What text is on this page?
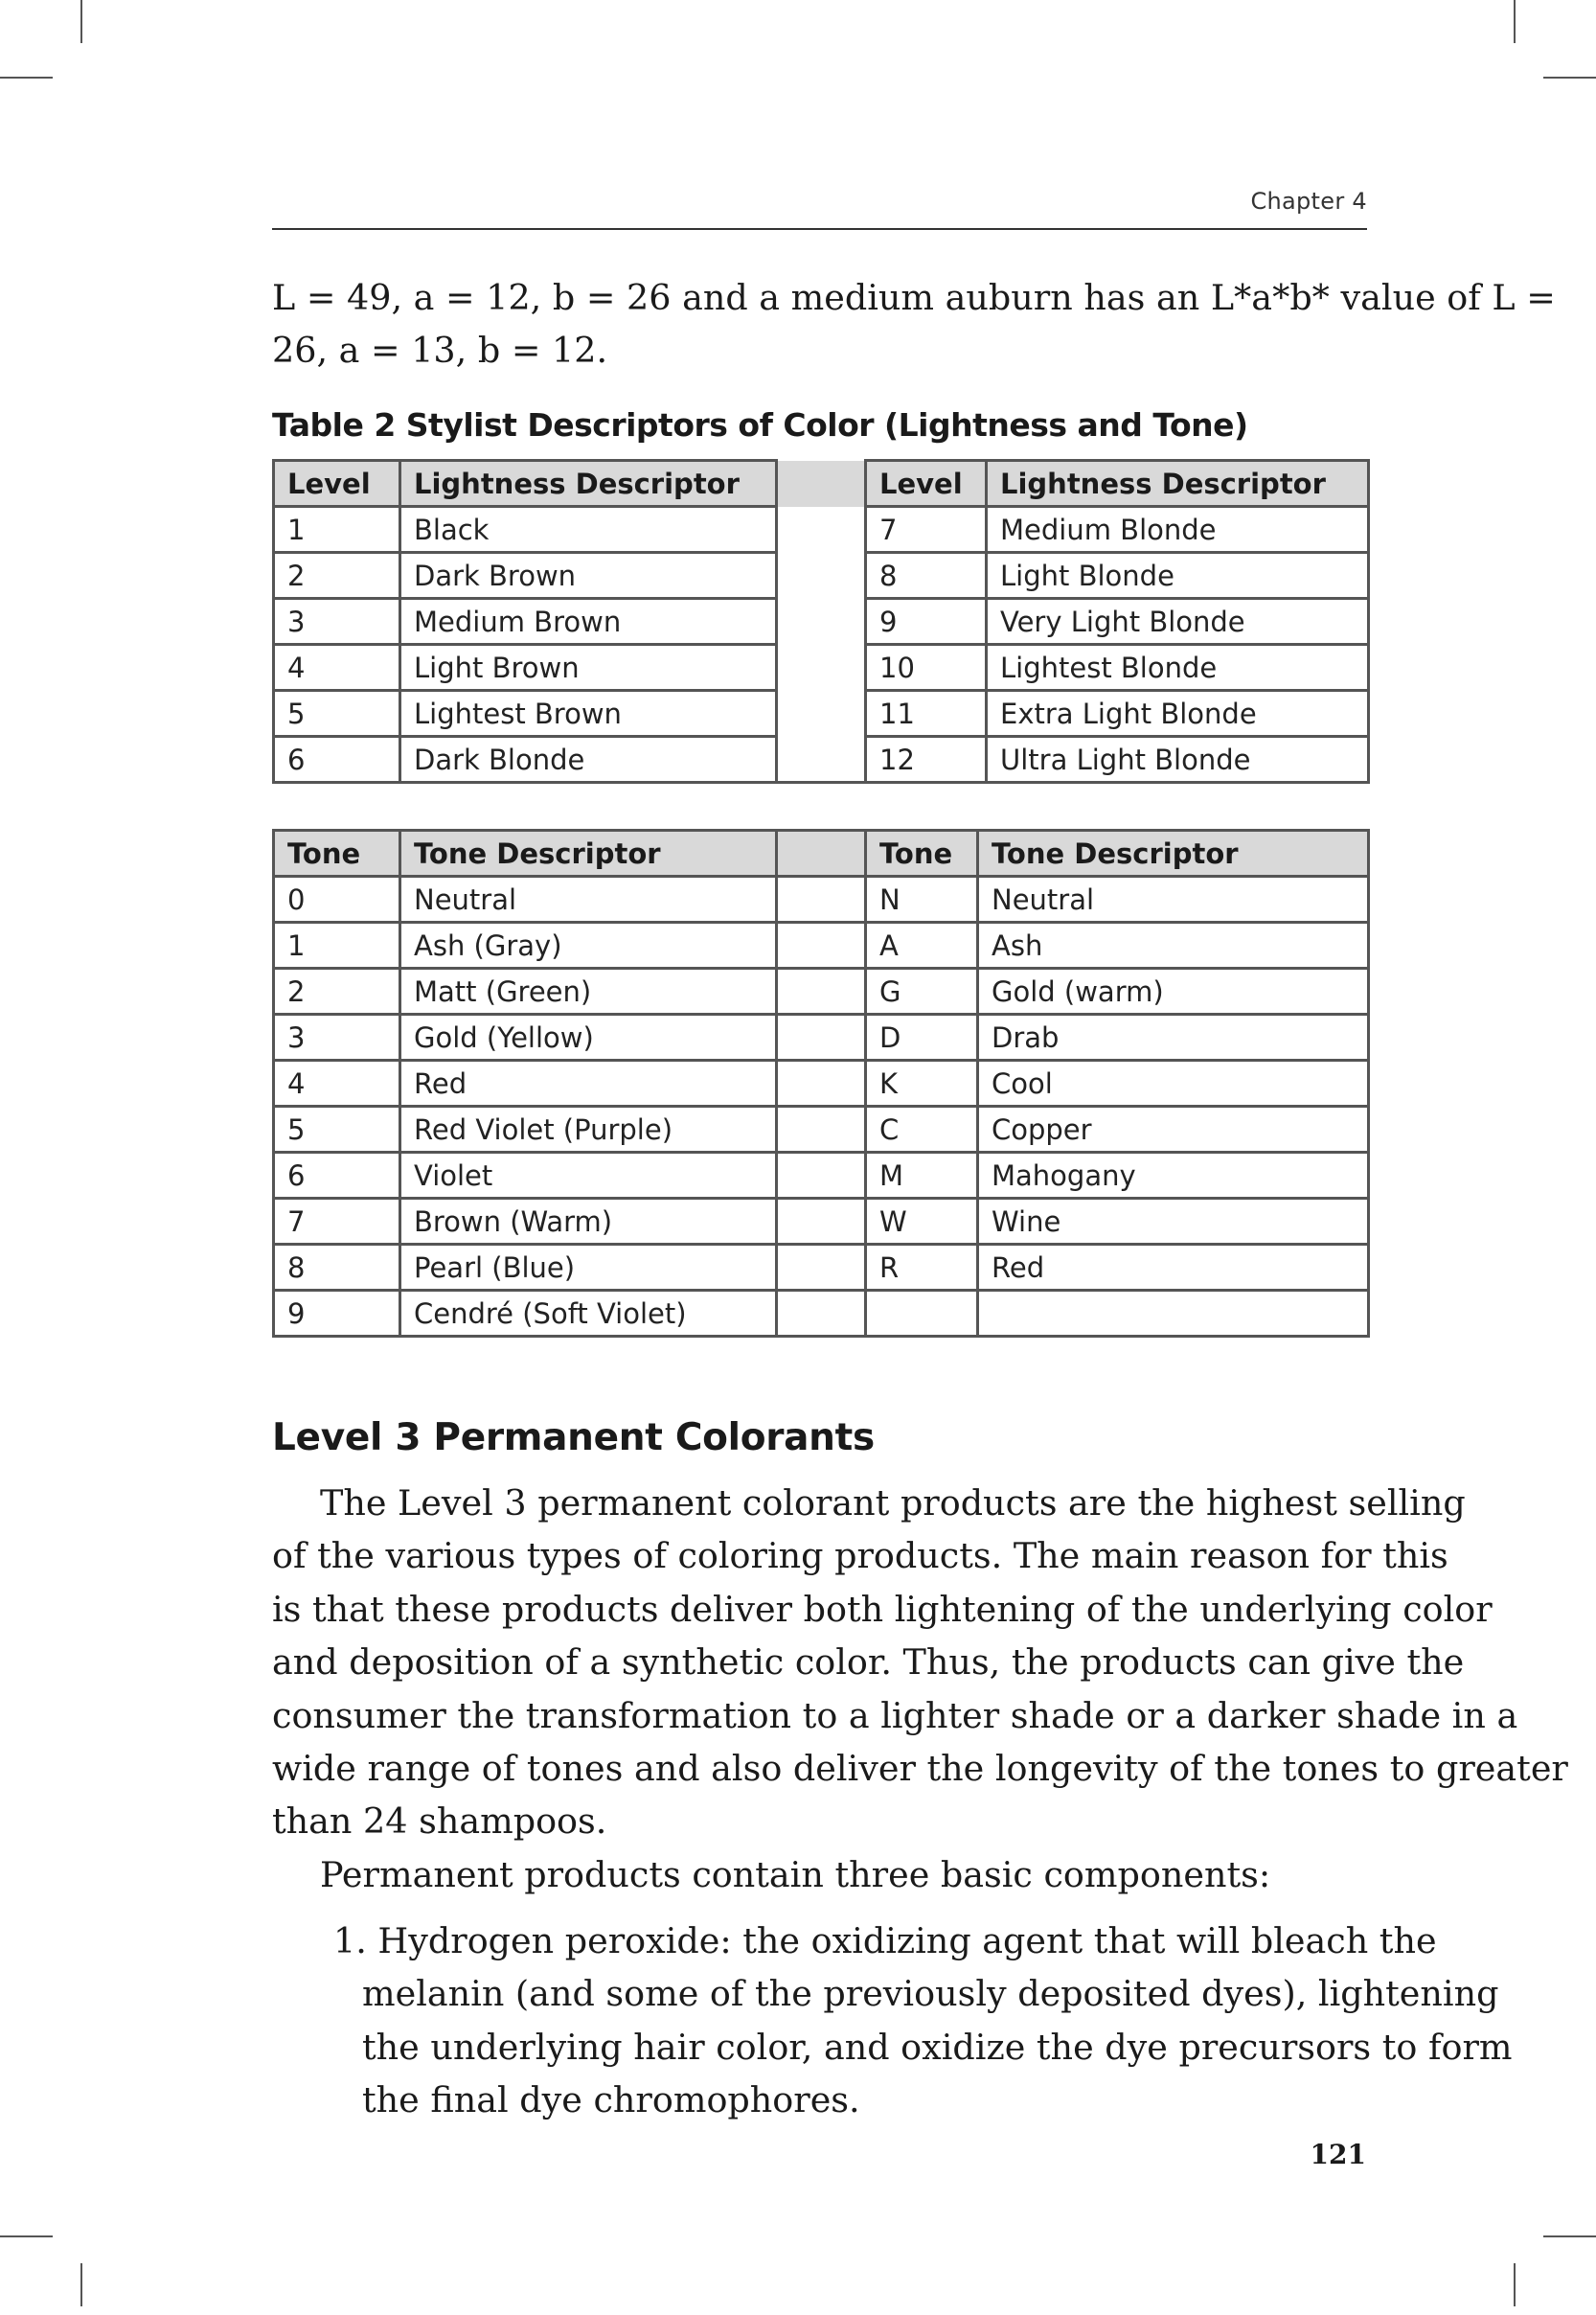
Chapter 4

L = 49, a = 12, b = 26 and a medium auburn has an L*a*b* value of L =
26, a = 13, b = 12.

Table 2 Stylist Descriptors of Color (Lightness and Tone)
Level	Lightness Descriptor		Level	Lightness Descriptor
1	Black		7	Medium Blonde
2	Dark Brown		8	Light Blonde
3	Medium Brown		9	Very Light Blonde
4	Light Brown		10	Lightest Blonde
5	Lightest Brown		11	Extra Light Blonde
6	Dark Blonde		12	Ultra Light Blonde
Tone	Tone Descriptor		Tone	Tone Descriptor
0	Neutral		N	Neutral
1	Ash (Gray)		A	Ash
2	Matt (Green)		G	Gold (warm)
3	Gold (Yellow)		D	Drab
4	Red		K	Cool
5	Red Violet (Purple)		C	Copper
6	Violet		M	Mahogany
7	Brown (Warm)		W	Wine
8	Pearl (Blue)		R	Red
9	Cendré (Soft Violet)			
Level 3 Permanent Colorants

The Level 3 permanent colorant products are the highest selling
of the various types of coloring products. The main reason for this
is that these products deliver both lightening of the underlying color
and deposition of a synthetic color. Thus, the products can give the
consumer the transformation to a lighter shade or a darker shade in a
wide range of tones and also deliver the longevity of the tones to greater
than 24 shampoos.
Permanent products contain three basic components:

1. Hydrogen peroxide: the oxidizing agent that will bleach the
melanin (and some of the previously deposited dyes), lightening
the underlying hair color, and oxidize the dye precursors to form
the final dye chromophores.
121
